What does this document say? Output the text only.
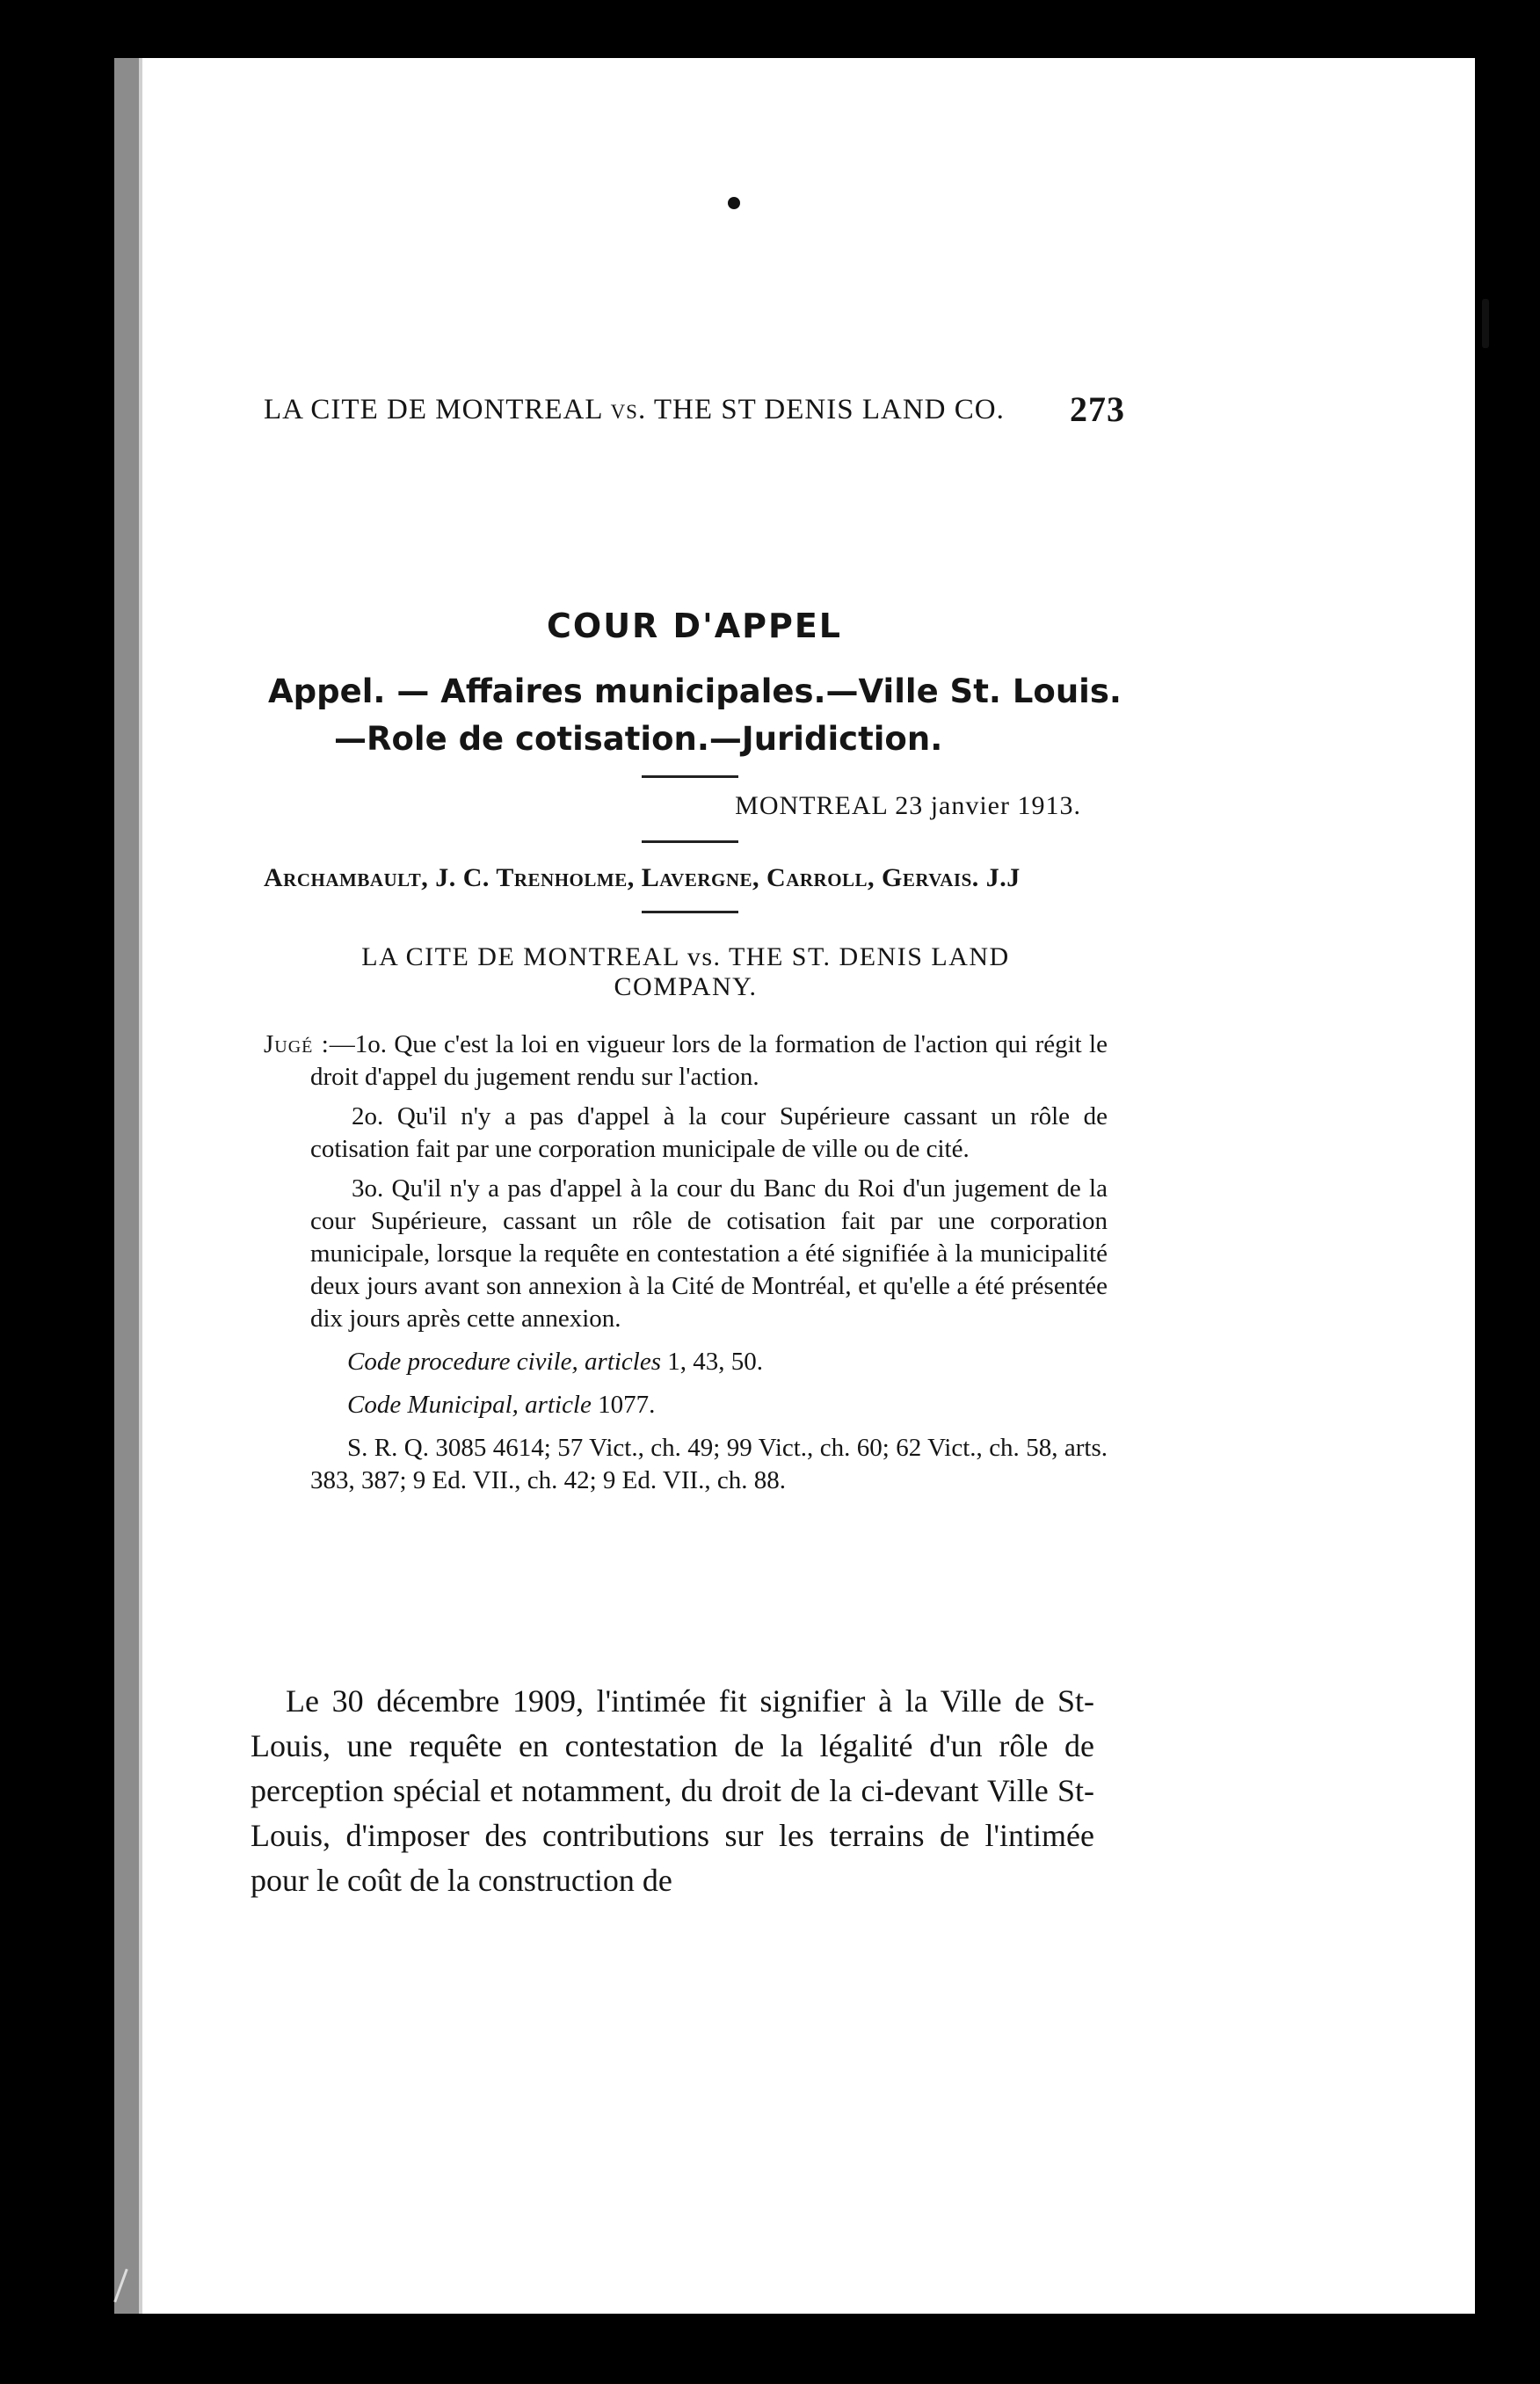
LA CITE DE MONTREAL vs. THE ST DENIS LAND CO. 273
COUR D'APPEL
Appel. — Affaires municipales.—Ville St. Louis.
—Role de cotisation.—Juridiction.
MONTREAL 23 janvier 1913.
Archambault, J. C. Trenholme, Lavergne, Carroll, Gervais. J.J
LA CITE DE MONTREAL vs. THE ST. DENIS LAND
COMPANY.

Jugé :—1o. Que c'est la loi en vigueur lors de la formation de l'action qui régit le droit d'appel du jugement rendu sur l'action.

2o. Qu'il n'y a pas d'appel à la cour Supérieure cassant un rôle de cotisation fait par une corporation municipale de ville ou de cité.

3o. Qu'il n'y a pas d'appel à la cour du Banc du Roi d'un jugement de la cour Supérieure, cassant un rôle de cotisation fait par une corporation municipale, lorsque la requête en contestation a été signifiée à la municipalité deux jours avant son annexion à la Cité de Montréal, et qu'elle a été présentée dix jours après cette annexion.

Code procedure civile, articles 1, 43, 50.

Code Municipal, article 1077.

S. R. Q. 3085 4614; 57 Vict., ch. 49; 99 Vict., ch. 60; 62 Vict., ch. 58, arts. 383, 387; 9 Ed. VII., ch. 42; 9 Ed. VII., ch. 88.

Le 30 décembre 1909, l'intimée fit signifier à la Ville de St-Louis, une requête en contestation de la légalité d'un rôle de perception spécial et notamment, du droit de la ci-devant Ville St-Louis, d'imposer des contributions sur les terrains de l'intimée pour le coût de la construction de
